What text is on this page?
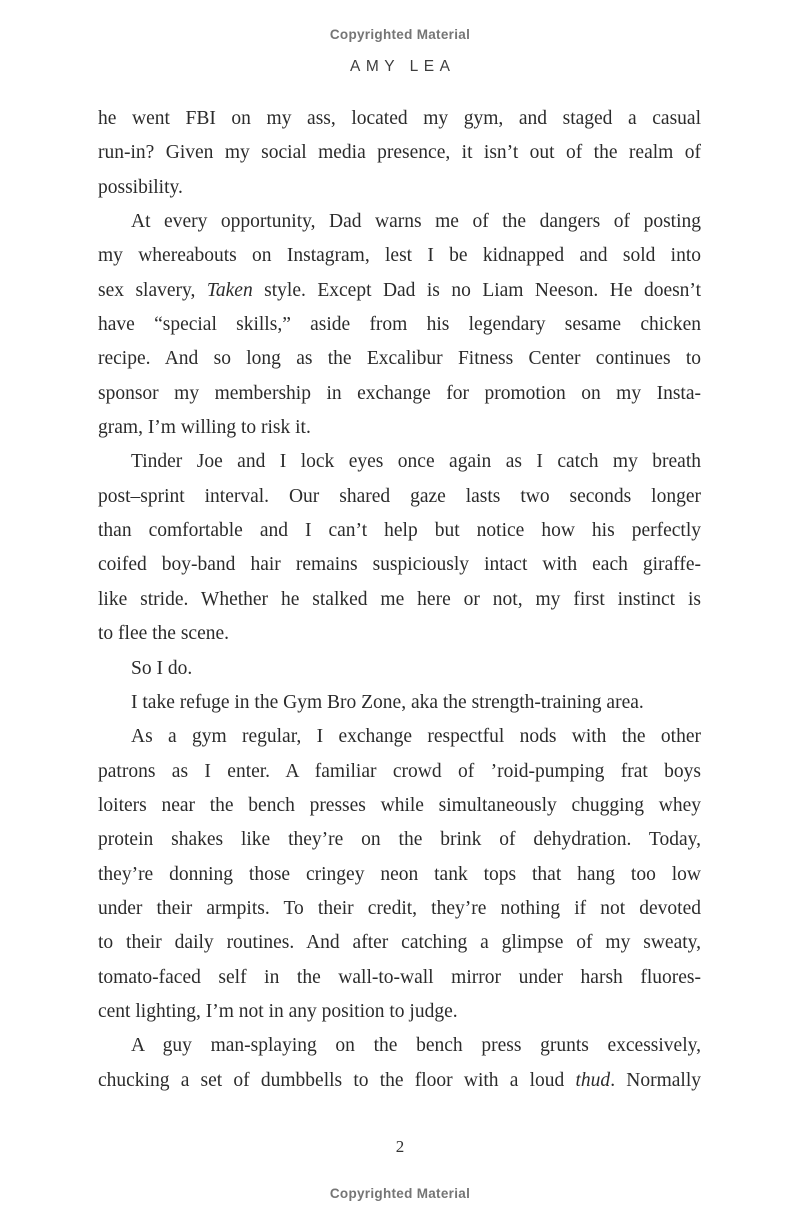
Copyrighted Material
AMY LEA
he went FBI on my ass, located my gym, and staged a casual
run-in? Given my social media presence, it isn’t out of the realm of
possibility.
At every opportunity, Dad warns me of the dangers of posting
my whereabouts on Instagram, lest I be kidnapped and sold into
sex slavery, Taken style. Except Dad is no Liam Neeson. He doesn’t
have “special skills,” aside from his legendary sesame chicken
recipe. And so long as the Excalibur Fitness Center continues to
sponsor my membership in exchange for promotion on my Insta-
gram, I’m willing to risk it.
Tinder Joe and I lock eyes once again as I catch my breath
post–sprint interval. Our shared gaze lasts two seconds longer
than comfortable and I can’t help but notice how his perfectly
coifed boy-band hair remains suspiciously intact with each giraffe-
like stride. Whether he stalked me here or not, my first instinct is
to flee the scene.
So I do.
I take refuge in the Gym Bro Zone, aka the strength-training area.
As a gym regular, I exchange respectful nods with the other
patrons as I enter. A familiar crowd of ’roid-pumping frat boys
loiters near the bench presses while simultaneously chugging whey
protein shakes like they’re on the brink of dehydration. Today,
they’re donning those cringey neon tank tops that hang too low
under their armpits. To their credit, they’re nothing if not devoted
to their daily routines. And after catching a glimpse of my sweaty,
tomato-faced self in the wall-to-wall mirror under harsh fluores-
cent lighting, I’m not in any position to judge.
A guy man-splaying on the bench press grunts excessively,
chucking a set of dumbbells to the floor with a loud thud. Normally
2
Copyrighted Material
